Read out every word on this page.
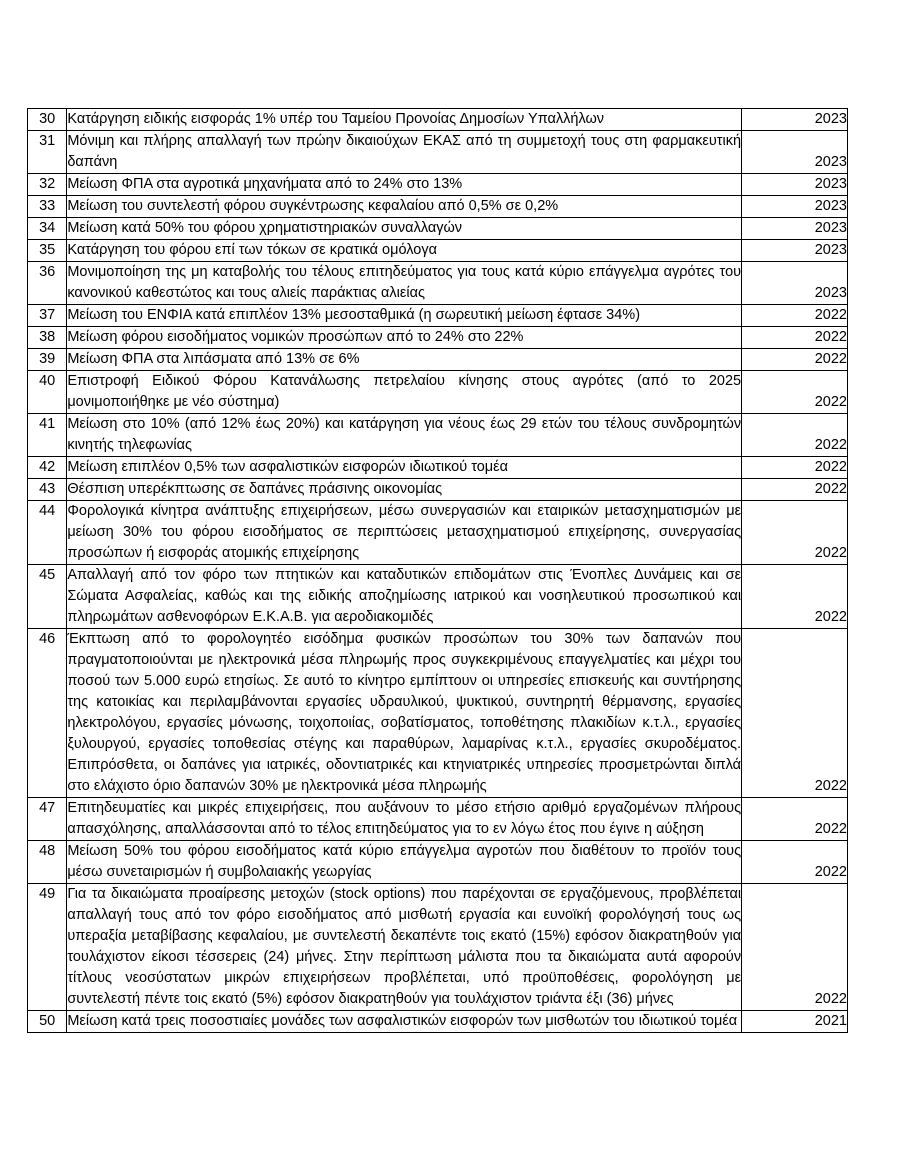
30	Κατάργηση ειδικής εισφοράς 1% υπέρ του Ταμείου Προνοίας Δημοσίων Υπαλλήλων	2023
31	Μόνιμη και πλήρης απαλλαγή των πρώην δικαιούχων ΕΚΑΣ από τη συμμετοχή τους στη φαρμακευτική δαπάνη	2023
32	Μείωση ΦΠΑ στα αγροτικά μηχανήματα από το 24% στο 13%	2023
33	Μείωση του συντελεστή φόρου συγκέντρωσης κεφαλαίου από 0,5% σε 0,2%	2023
34	Μείωση κατά 50% του φόρου χρηματιστηριακών συναλλαγών	2023
35	Κατάργηση του φόρου επί των τόκων σε κρατικά ομόλογα	2023
36	Μονιμοποίηση της μη καταβολής του τέλους επιτηδεύματος για τους κατά κύριο επάγγελμα αγρότες του κανονικού καθεστώτος και τους αλιείς παράκτιας αλιείας	2023
37	Μείωση του ΕΝΦΙΑ κατά επιπλέον 13% μεσοσταθμικά (η σωρευτική μείωση έφτασε 34%)	2022
38	Μείωση φόρου εισοδήματος νομικών προσώπων από το 24% στο 22%	2022
39	Μείωση ΦΠΑ στα λιπάσματα από 13% σε 6%	2022
40	Επιστροφή Ειδικού Φόρου Κατανάλωσης πετρελαίου κίνησης στους αγρότες (από το 2025 μονιμοποιήθηκε με νέο σύστημα)	2022
41	Μείωση στο 10% (από 12% έως 20%) και κατάργηση για νέους έως 29 ετών του τέλους συνδρομητών κινητής τηλεφωνίας	2022
42	Μείωση επιπλέον 0,5% των ασφαλιστικών εισφορών ιδιωτικού τομέα	2022
43	Θέσπιση υπερέκπτωσης σε δαπάνες πράσινης οικονομίας	2022
44	Φορολογικά κίνητρα ανάπτυξης επιχειρήσεων, μέσω συνεργασιών και εταιρικών μετασχηματισμών με μείωση 30% του φόρου εισοδήματος σε περιπτώσεις μετασχηματισμού επιχείρησης, συνεργασίας προσώπων ή εισφοράς ατομικής επιχείρησης	2022
45	Απαλλαγή από τον φόρο των πτητικών και καταδυτικών επιδομάτων στις Ένοπλες Δυνάμεις και σε Σώματα Ασφαλείας, καθώς και της ειδικής αποζημίωσης ιατρικού και νοσηλευτικού προσωπικού και πληρωμάτων ασθενοφόρων Ε.Κ.Α.Β. για αεροδιακομιδές	2022
46	Έκπτωση από το φορολογητέο εισόδημα φυσικών προσώπων του 30% των δαπανών που πραγματοποιούνται με ηλεκτρονικά μέσα πληρωμής προς συγκεκριμένους επαγγελματίες και μέχρι του ποσού των 5.000 ευρώ ετησίως. Σε αυτό το κίνητρο εμπίπτουν οι υπηρεσίες επισκευής και συντήρησης της κατοικίας και περιλαμβάνονται εργασίες υδραυλικού, ψυκτικού, συντηρητή θέρμανσης, εργασίες ηλεκτρολόγου, εργασίες μόνωσης, τοιχοποιίας, σοβατίσματος, τοποθέτησης πλακιδίων κ.τ.λ., εργασίες ξυλουργού, εργασίες τοποθεσίας στέγης και παραθύρων, λαμαρίνας κ.τ.λ., εργασίες σκυροδέματος. Επιπρόσθετα, οι δαπάνες για ιατρικές, οδοντιατρικές και κτηνιατρικές υπηρεσίες προσμετρώνται διπλά στο ελάχιστο όριο δαπανών 30% με ηλεκτρονικά μέσα πληρωμής	2022
47	Επιτηδευματίες και μικρές επιχειρήσεις, που αυξάνουν το μέσο ετήσιο αριθμό εργαζομένων πλήρους απασχόλησης, απαλλάσσονται από το τέλος επιτηδεύματος για το εν λόγω έτος που έγινε η αύξηση	2022
48	Μείωση 50% του φόρου εισοδήματος κατά κύριο επάγγελμα αγροτών που διαθέτουν το προϊόν τους μέσω συνεταιρισμών ή συμβολαιακής γεωργίας	2022
49	Για τα δικαιώματα προαίρεσης μετοχών (stock options) που παρέχονται σε εργαζόμενους, προβλέπεται απαλλαγή τους από τον φόρο εισοδήματος από μισθωτή εργασία και ευνοϊκή φορολόγησή τους ως υπεραξία μεταβίβασης κεφαλαίου, με συντελεστή δεκαπέντε τοις εκατό (15%) εφόσον διακρατηθούν για τουλάχιστον είκοσι τέσσερεις (24) μήνες. Στην περίπτωση μάλιστα που τα δικαιώματα αυτά αφορούν τίτλους νεοσύστατων μικρών επιχειρήσεων προβλέπεται, υπό προϋποθέσεις, φορολόγηση με συντελεστή πέντε τοις εκατό (5%) εφόσον διακρατηθούν για τουλάχιστον τριάντα έξι (36) μήνες	2022
50	Μείωση κατά τρεις ποσοστιαίες μονάδες των ασφαλιστικών εισφορών των μισθωτών του ιδιωτικού τομέα	2021
